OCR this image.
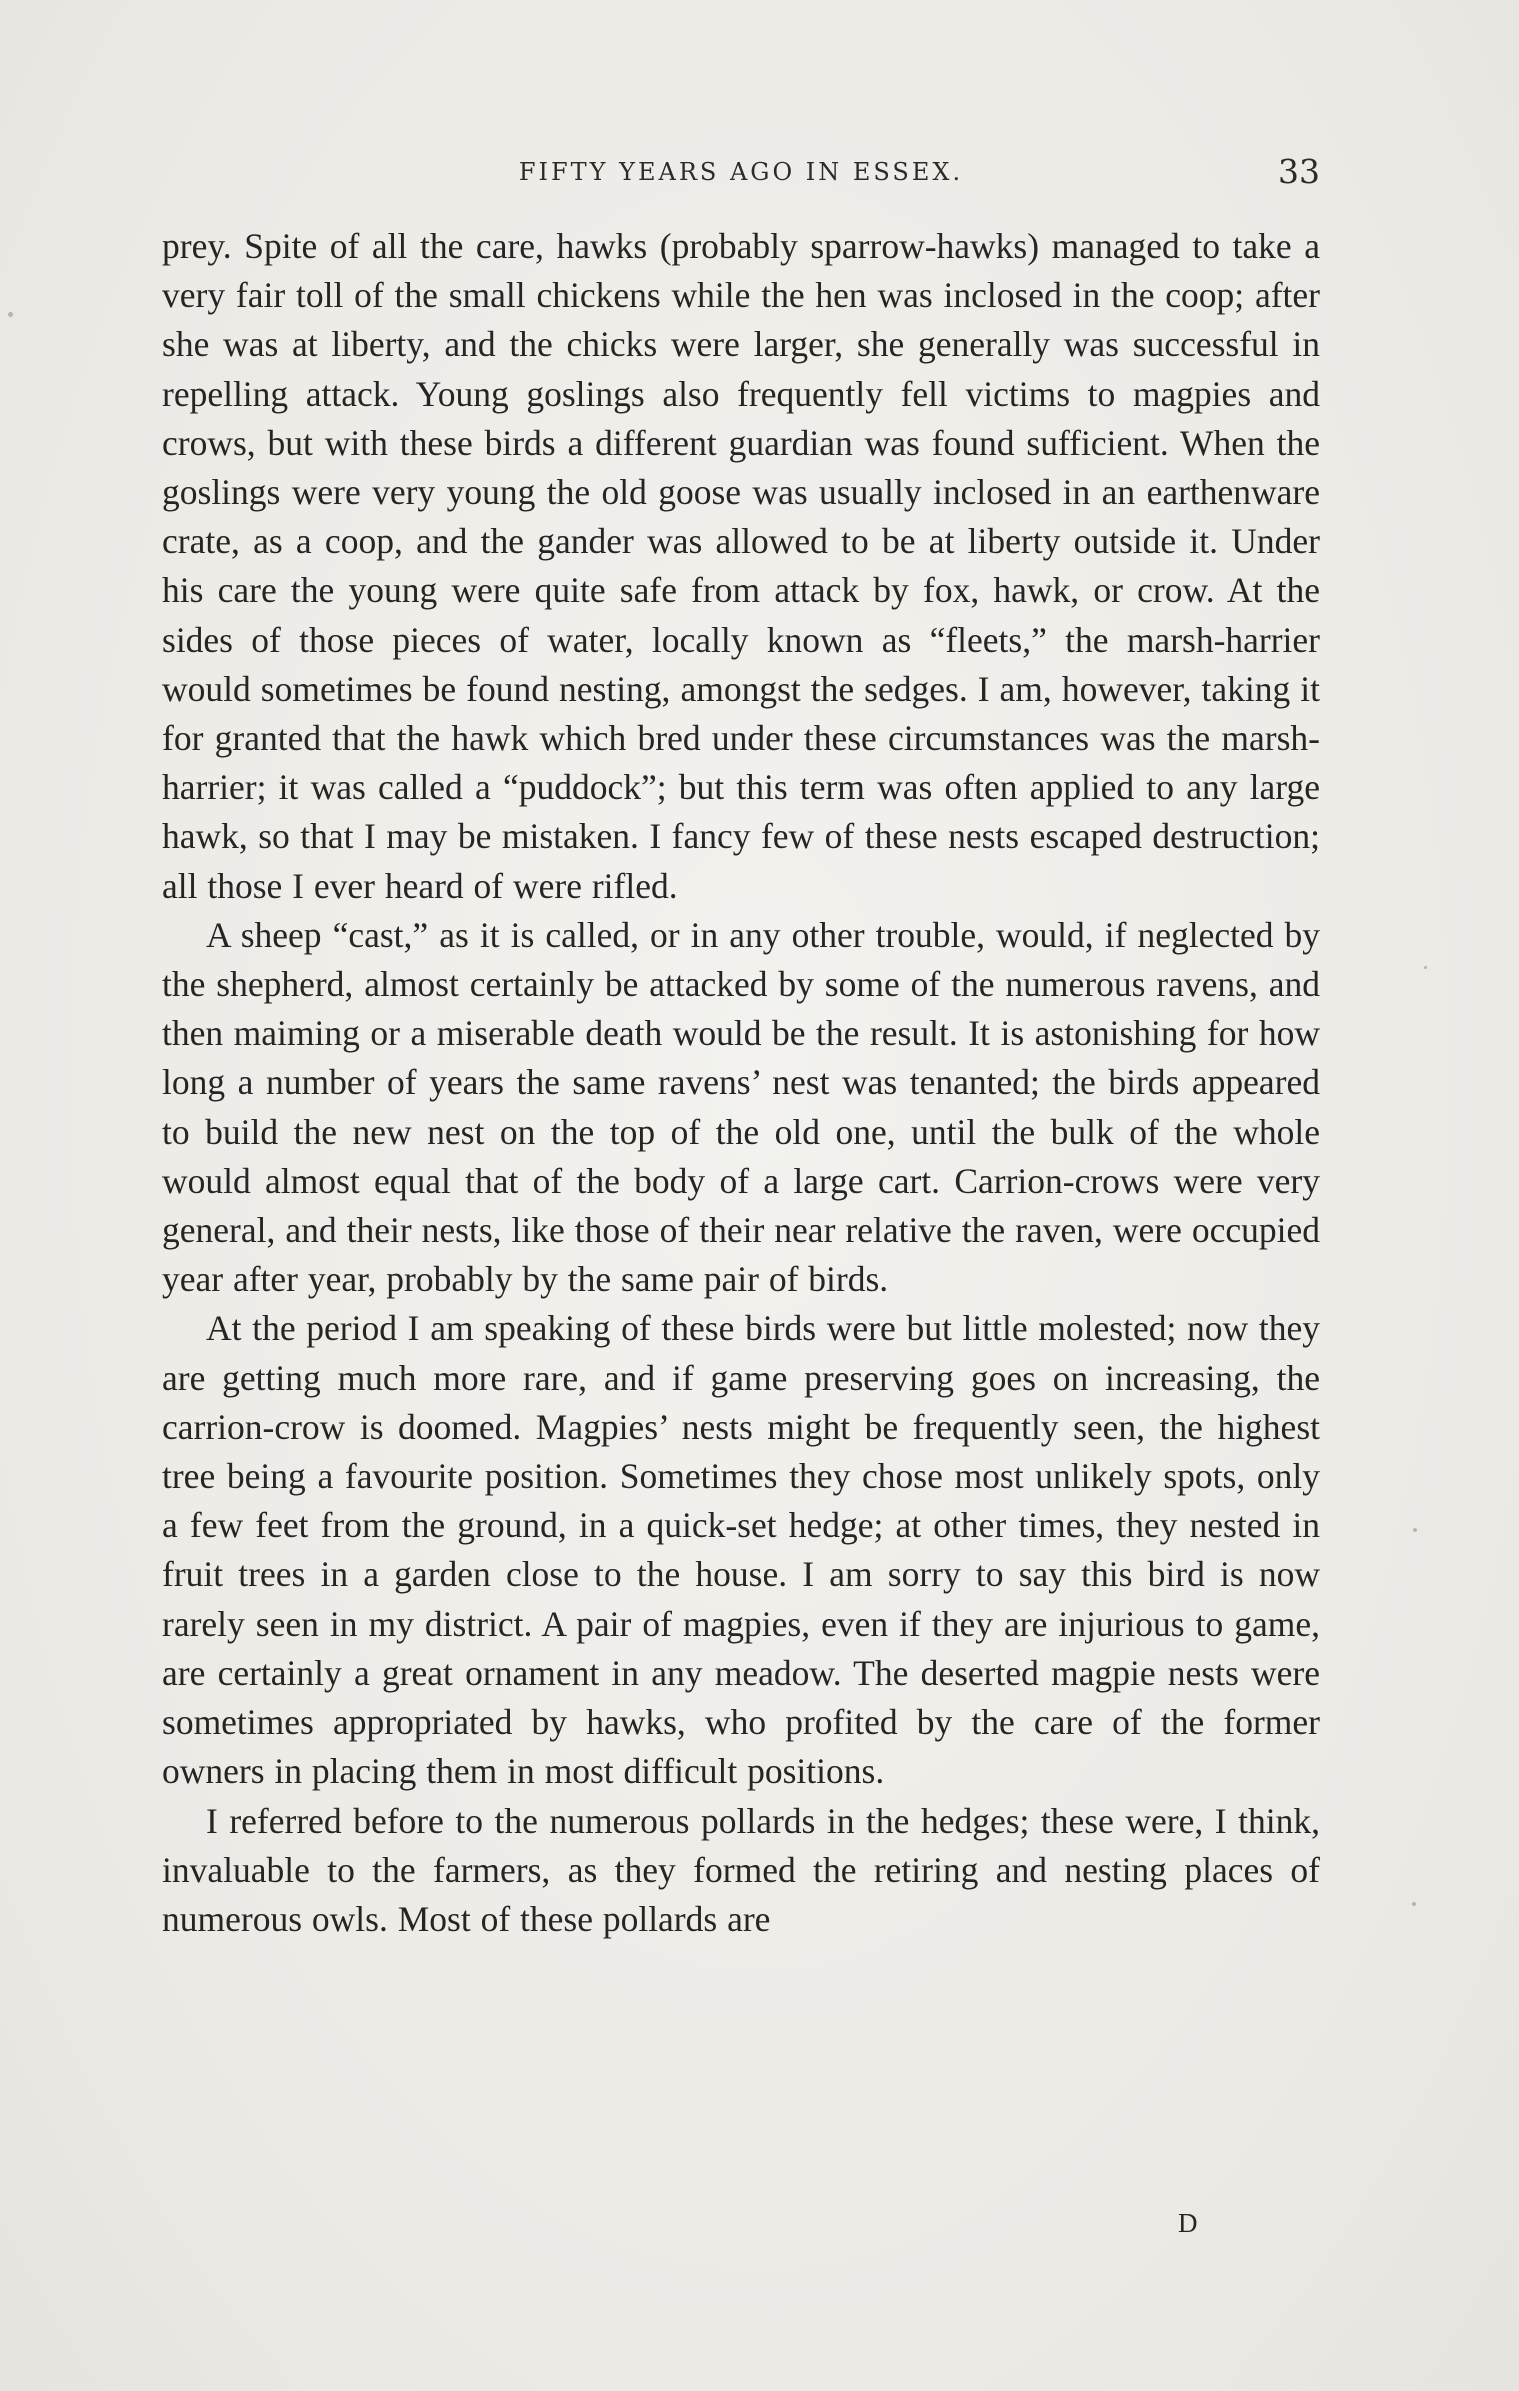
FIFTY YEARS AGO IN ESSEX.	33

prey. Spite of all the care, hawks (probably sparrow-hawks) managed to take a very fair toll of the small chickens while the hen was inclosed in the coop; after she was at liberty, and the chicks were larger, she generally was successful in repelling attack. Young goslings also frequently fell victims to magpies and crows, but with these birds a different guardian was found sufficient. When the goslings were very young the old goose was usually inclosed in an earthenware crate, as a coop, and the gander was allowed to be at liberty outside it. Under his care the young were quite safe from attack by fox, hawk, or crow. At the sides of those pieces of water, locally known as “fleets,” the marsh-harrier would sometimes be found nesting, amongst the sedges. I am, however, taking it for granted that the hawk which bred under these circumstances was the marsh-harrier; it was called a “puddock”; but this term was often applied to any large hawk, so that I may be mistaken. I fancy few of these nests escaped destruction; all those I ever heard of were rifled.

A sheep “cast,” as it is called, or in any other trouble, would, if neglected by the shepherd, almost certainly be attacked by some of the numerous ravens, and then maiming or a miserable death would be the result. It is astonishing for how long a number of years the same ravens’ nest was tenanted; the birds appeared to build the new nest on the top of the old one, until the bulk of the whole would almost equal that of the body of a large cart. Carrion-crows were very general, and their nests, like those of their near relative the raven, were occupied year after year, probably by the same pair of birds.

At the period I am speaking of these birds were but little molested; now they are getting much more rare, and if game preserving goes on increasing, the carrion-crow is doomed. Magpies’ nests might be frequently seen, the highest tree being a favourite position. Sometimes they chose most unlikely spots, only a few feet from the ground, in a quick-set hedge; at other times, they nested in fruit trees in a garden close to the house. I am sorry to say this bird is now rarely seen in my district. A pair of magpies, even if they are injurious to game, are certainly a great ornament in any meadow. The deserted magpie nests were sometimes appropriated by hawks, who profited by the care of the former owners in placing them in most difficult positions.

I referred before to the numerous pollards in the hedges; these were, I think, invaluable to the farmers, as they formed the retiring and nesting places of numerous owls. Most of these pollards are

D
